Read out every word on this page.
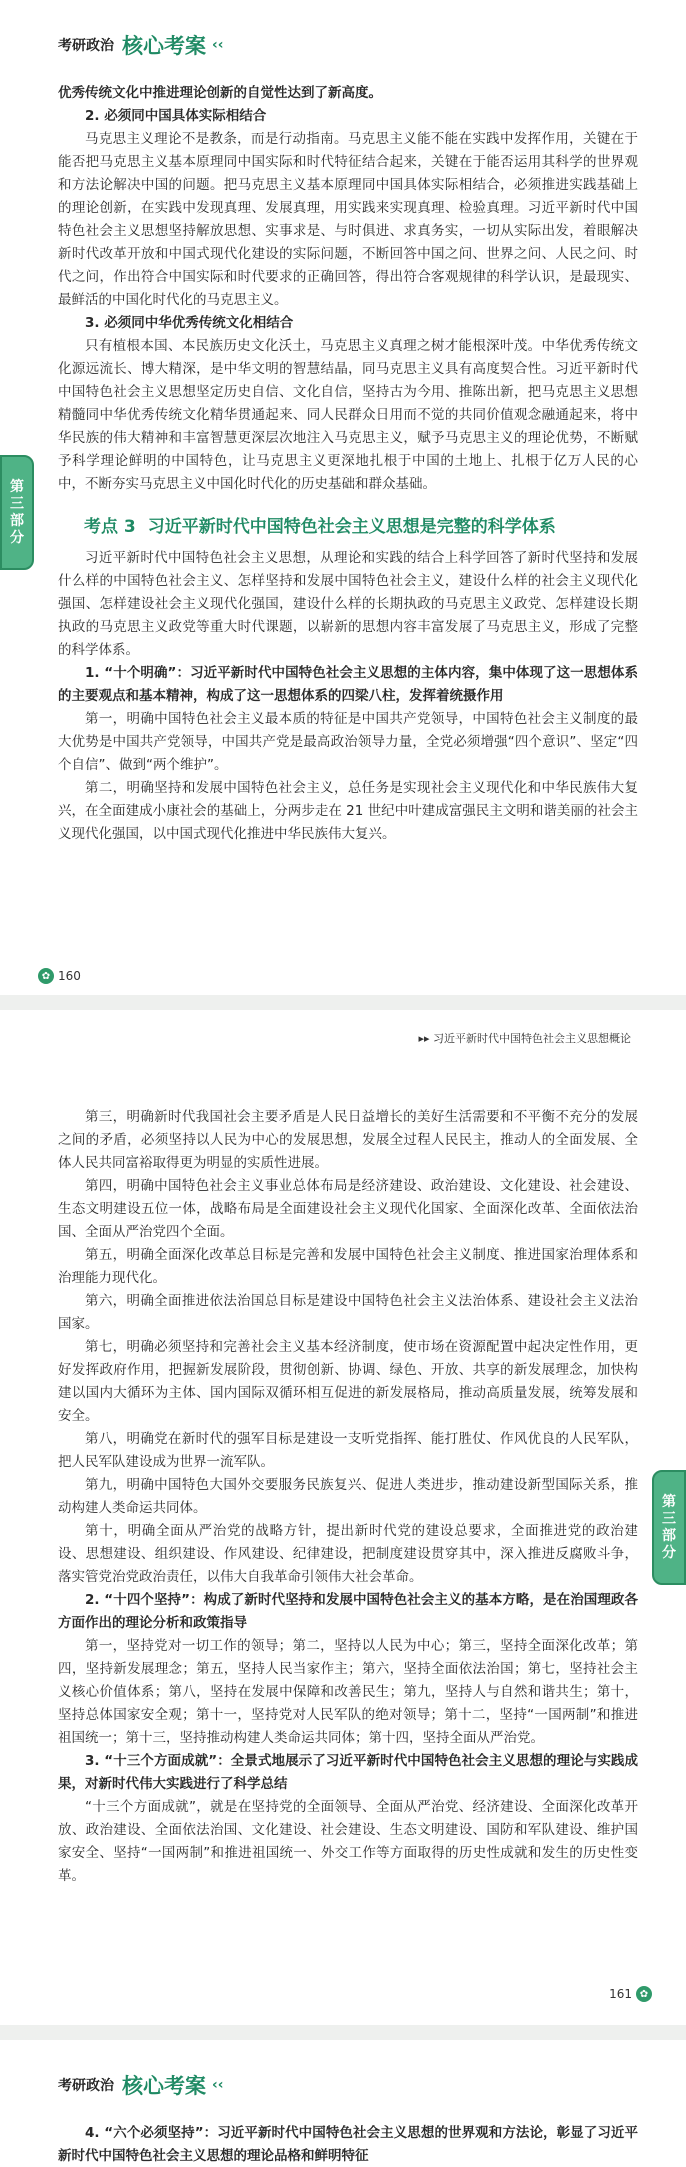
考研政治 核心考案 ‹‹

优秀传统文化中推进理论创新的自觉性达到了新高度。

2. 必须同中国具体实际相结合

马克思主义理论不是教条，而是行动指南。马克思主义能不能在实践中发挥作用，关键在于能否把马克思主义基本原理同中国实际和时代特征结合起来，关键在于能否运用其科学的世界观和方法论解决中国的问题。把马克思主义基本原理同中国具体实际相结合，必须推进实践基础上的理论创新，在实践中发现真理、发展真理，用实践来实现真理、检验真理。习近平新时代中国特色社会主义思想坚持解放思想、实事求是、与时俱进、求真务实，一切从实际出发，着眼解决新时代改革开放和中国式现代化建设的实际问题，不断回答中国之问、世界之问、人民之问、时代之问，作出符合中国实际和时代要求的正确回答，得出符合客观规律的科学认识，是最现实、最鲜活的中国化时代化的马克思主义。

3. 必须同中华优秀传统文化相结合

只有植根本国、本民族历史文化沃土，马克思主义真理之树才能根深叶茂。中华优秀传统文化源远流长、博大精深，是中华文明的智慧结晶，同马克思主义具有高度契合性。习近平新时代中国特色社会主义思想坚定历史自信、文化自信，坚持古为今用、推陈出新，把马克思主义思想精髓同中华优秀传统文化精华贯通起来、同人民群众日用而不觉的共同价值观念融通起来，将中华民族的伟大精神和丰富智慧更深层次地注入马克思主义，赋予马克思主义的理论优势，不断赋予科学理论鲜明的中国特色，让马克思主义更深地扎根于中国的土地上、扎根于亿万人民的心中，不断夯实马克思主义中国化时代化的历史基础和群众基础。

考点 3 习近平新时代中国特色社会主义思想是完整的科学体系

习近平新时代中国特色社会主义思想，从理论和实践的结合上科学回答了新时代坚持和发展什么样的中国特色社会主义、怎样坚持和发展中国特色社会主义，建设什么样的社会主义现代化强国、怎样建设社会主义现代化强国，建设什么样的长期执政的马克思主义政党、怎样建设长期执政的马克思主义政党等重大时代课题，以崭新的思想内容丰富发展了马克思主义，形成了完整的科学体系。

1. “十个明确”：习近平新时代中国特色社会主义思想的主体内容，集中体现了这一思想体系的主要观点和基本精神，构成了这一思想体系的四梁八柱，发挥着统摄作用

第一，明确中国特色社会主义最本质的特征是中国共产党领导，中国特色社会主义制度的最大优势是中国共产党领导，中国共产党是最高政治领导力量，全党必须增强“四个意识”、坚定“四个自信”、做到“两个维护”。

第二，明确坚持和发展中国特色社会主义，总任务是实现社会主义现代化和中华民族伟大复兴，在全面建成小康社会的基础上，分两步走在 21 世纪中叶建成富强民主文明和谐美丽的社会主义现代化强国，以中国式现代化推进中华民族伟大复兴。

第
三
部
分
✿ 160
▸▸ 习近平新时代中国特色社会主义思想概论

第三，明确新时代我国社会主要矛盾是人民日益增长的美好生活需要和不平衡不充分的发展之间的矛盾，必须坚持以人民为中心的发展思想，发展全过程人民民主，推动人的全面发展、全体人民共同富裕取得更为明显的实质性进展。

第四，明确中国特色社会主义事业总体布局是经济建设、政治建设、文化建设、社会建设、生态文明建设五位一体，战略布局是全面建设社会主义现代化国家、全面深化改革、全面依法治国、全面从严治党四个全面。

第五，明确全面深化改革总目标是完善和发展中国特色社会主义制度、推进国家治理体系和治理能力现代化。

第六，明确全面推进依法治国总目标是建设中国特色社会主义法治体系、建设社会主义法治国家。

第七，明确必须坚持和完善社会主义基本经济制度，使市场在资源配置中起决定性作用，更好发挥政府作用，把握新发展阶段，贯彻创新、协调、绿色、开放、共享的新发展理念，加快构建以国内大循环为主体、国内国际双循环相互促进的新发展格局，推动高质量发展，统筹发展和安全。

第八，明确党在新时代的强军目标是建设一支听党指挥、能打胜仗、作风优良的人民军队，把人民军队建设成为世界一流军队。

第九，明确中国特色大国外交要服务民族复兴、促进人类进步，推动建设新型国际关系，推动构建人类命运共同体。

第十，明确全面从严治党的战略方针，提出新时代党的建设总要求，全面推进党的政治建设、思想建设、组织建设、作风建设、纪律建设，把制度建设贯穿其中，深入推进反腐败斗争，落实管党治党政治责任，以伟大自我革命引领伟大社会革命。

2. “十四个坚持”：构成了新时代坚持和发展中国特色社会主义的基本方略，是在治国理政各方面作出的理论分析和政策指导

第一，坚持党对一切工作的领导；第二，坚持以人民为中心；第三，坚持全面深化改革；第四，坚持新发展理念；第五，坚持人民当家作主；第六，坚持全面依法治国；第七，坚持社会主义核心价值体系；第八，坚持在发展中保障和改善民生；第九，坚持人与自然和谐共生；第十，坚持总体国家安全观；第十一，坚持党对人民军队的绝对领导；第十二，坚持“一国两制”和推进祖国统一；第十三，坚持推动构建人类命运共同体；第十四，坚持全面从严治党。

3. “十三个方面成就”：全景式地展示了习近平新时代中国特色社会主义思想的理论与实践成果，对新时代伟大实践进行了科学总结

“十三个方面成就”，就是在坚持党的全面领导、全面从严治党、经济建设、全面深化改革开放、政治建设、全面依法治国、文化建设、社会建设、生态文明建设、国防和军队建设、维护国家安全、坚持“一国两制”和推进祖国统一、外交工作等方面取得的历史性成就和发生的历史性变革。

第
三
部
分
161 ✿
考研政治 核心考案 ‹‹

4. “六个必须坚持”：习近平新时代中国特色社会主义思想的世界观和方法论，彰显了习近平新时代中国特色社会主义思想的理论品格和鲜明特征
